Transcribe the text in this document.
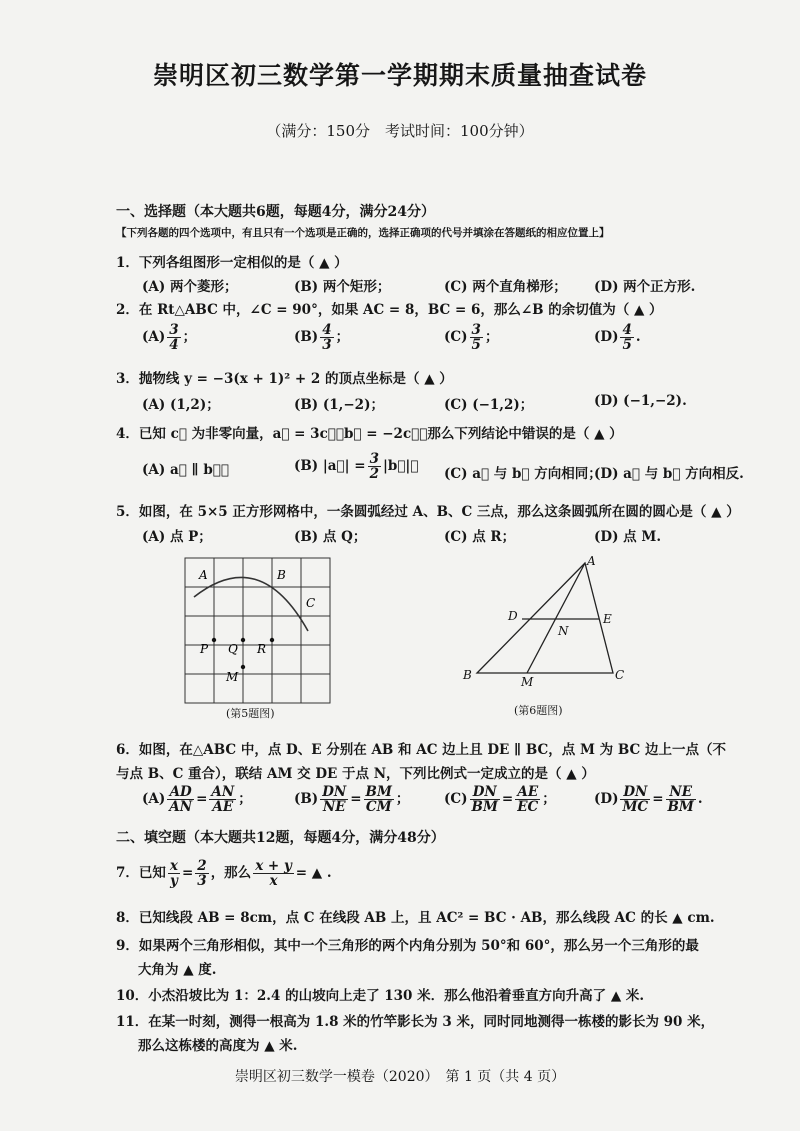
崇明区初三数学第一学期期末质量抽查试卷
（满分：150分　考试时间：100分钟）
一、选择题（本大题共6题，每题4分，满分24分）
【下列各题的四个选项中，有且只有一个选项是正确的，选择正确项的代号并填涂在答题纸的相应位置上】
1．下列各组图形一定相似的是（ ▲ ）
(A) 两个菱形；	(B) 两个矩形；	(C) 两个直角梯形； (D) 两个正方形.
2．在 Rt△ABC 中，∠C = 90°，如果 AC = 8，BC = 6，那么∠B 的余切值为（ ▲ ）
$(A) \frac{3}{4}$ ；	$(B) \frac{4}{3}$ ；	$(C) \frac{3}{5}$ ；	$(D) \frac{4}{5}$ .
3．抛物线 y = −3(x + 1)² + 2 的顶点坐标是（ ▲ ）
(A) (1,2)；	(B) (1,−2)；	(C) (−1,2)；	(D) (−1,−2).
4．已知 c⃗ 为非零向量，a⃗ = 3c⃗，b⃗ = −2c⃗，那么下列结论中错误的是（ ▲ ）
(A) a⃗ ∥ b⃗；	(B) |a⃗| = $\frac{3}{2}$ |b⃗|； (C) a⃗ 与 b⃗ 方向相同；
(D) a⃗ 与 b⃗ 方向相反.
5．如图，在 5×5 正方形网格中，一条圆弧经过 A、B、C 三点，那么这条圆弧所在圆的圆心是（ ▲ ）
(A) 点 P；	(B) 点 Q；	(C) 点 R；	(D) 点 M.
A	B
C
P Q R
M
(第5题图)
A
B	C
D	E
N
M
(第6题图)
6．如图，在△ABC 中，点 D、E 分别在 AB 和 AC 边上且 DE ∥ BC，点 M 为 BC 边上一点（不
与点 B、C 重合），联结 AM 交 DE 于点 N，下列比例式一定成立的是（ ▲ ）
$(A) \frac{AD}{AN} = \frac{AN}{AE}$ ；	$(B) \frac{DN}{NE} = \frac{BM}{CM}$ ；	$(C) \frac{DN}{BM} = \frac{AE}{EC}$ ；	$(D) \frac{DN}{MC} = \frac{NE}{BM}$ .
二、填空题（本大题共12题，每题4分，满分48分）
7．已知 $\frac{x}{y} = \frac{2}{3}$ ，那么 $\frac{x + y}{x}$ = ▲ .
8．已知线段 AB = 8cm，点 C 在线段 AB 上，且 AC² = BC · AB，那么线段 AC 的长 ▲ cm.
9．如果两个三角形相似，其中一个三角形的两个内角分别为 50°和 60°，那么另一个三角形的最
大角为 ▲ 度.
10．小杰沿坡比为 1：2.4 的山坡向上走了 130 米．那么他沿着垂直方向升高了 ▲ 米.
11．在某一时刻，测得一根高为 1.8 米的竹竿影长为 3 米，同时同地测得一栋楼的影长为 90 米，
那么这栋楼的高度为 ▲ 米.
崇明区初三数学一模卷（2020）　第 1 页（共 4 页）
